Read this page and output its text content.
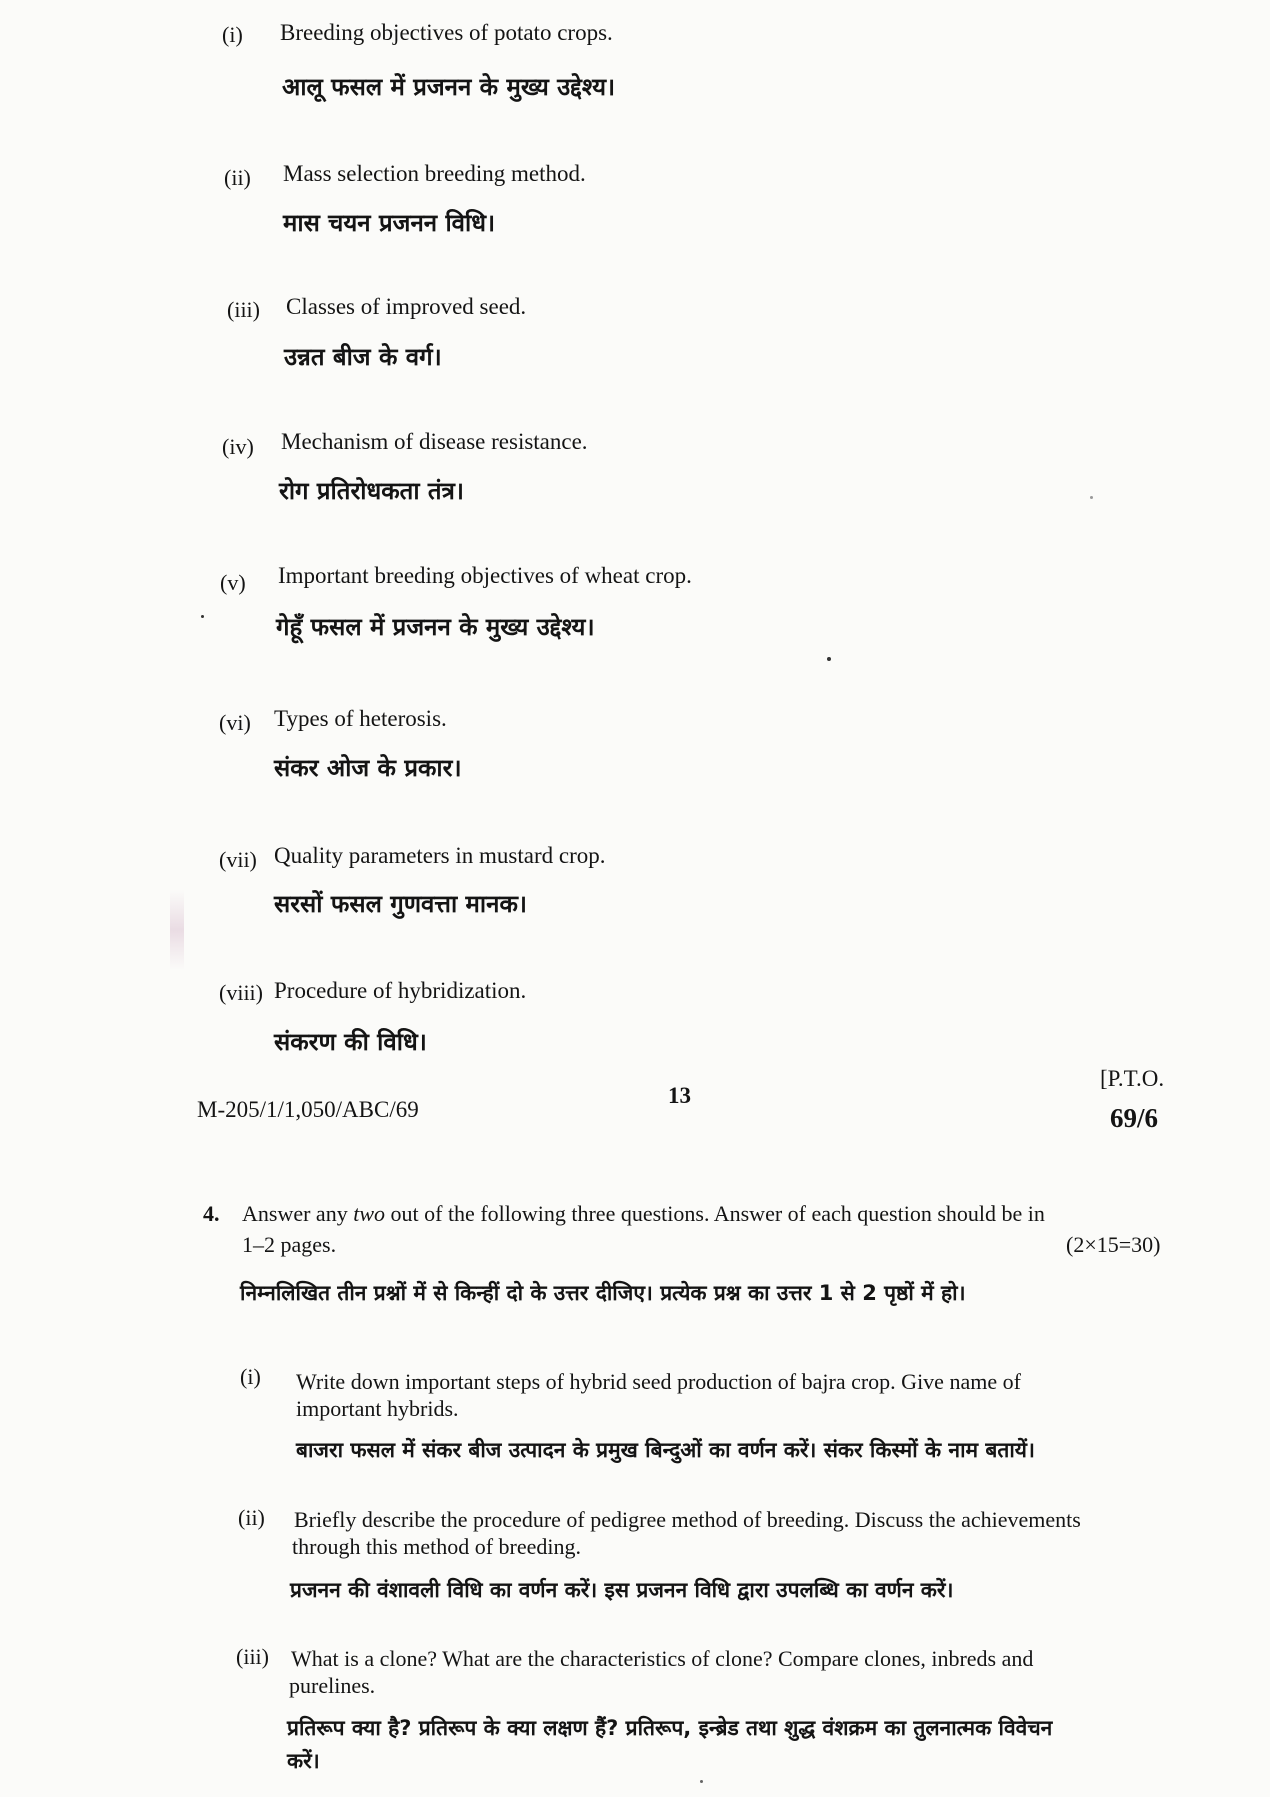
(i) Breeding objectives of potato crops.
आलू फसल में प्रजनन के मुख्य उद्देश्य।
(ii) Mass selection breeding method.
मास चयन प्रजनन विधि।
(iii) Classes of improved seed.
उन्नत बीज के वर्ग।
(iv) Mechanism of disease resistance.
रोग प्रतिरोधकता तंत्र।
(v) Important breeding objectives of wheat crop.
गेहूँ फसल में प्रजनन के मुख्य उद्देश्य।
(vi) Types of heterosis.
संकर ओज के प्रकार।
(vii) Quality parameters in mustard crop.
सरसों फसल गुणवत्ता मानक।
(viii) Procedure of hybridization.
संकरण की विधि।
M-205/1/1,050/ABC/69
13
[P.T.O.
69/6
4. Answer any two out of the following three questions. Answer of each question should be in
1–2 pages.	(2×15=30)
निम्नलिखित तीन प्रश्नों में से किन्हीं दो के उत्तर दीजिए। प्रत्येक प्रश्न का उत्तर 1 से 2 पृष्ठों में हो।
(i) Write down important steps of hybrid seed production of bajra crop. Give name of
important hybrids.
बाजरा फसल में संकर बीज उत्पादन के प्रमुख बिन्दुओं का वर्णन करें। संकर किस्मों के नाम बतायें।
(ii) Briefly describe the procedure of pedigree method of breeding. Discuss the achievements
through this method of breeding.
प्रजनन की वंशावली विधि का वर्णन करें। इस प्रजनन विधि द्वारा उपलब्धि का वर्णन करें।
(iii) What is a clone? What are the characteristics of clone? Compare clones, inbreds and
purelines.
प्रतिरूप क्या है? प्रतिरूप के क्या लक्षण हैं? प्रतिरूप, इन्ब्रेड तथा शुद्ध वंशक्रम का तुलनात्मक विवेचन
करें।
